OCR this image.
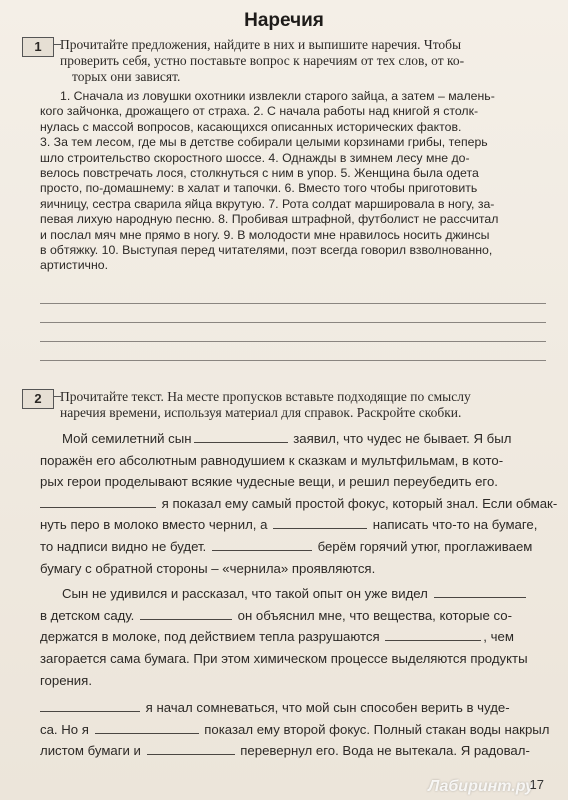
Наречия
1	Прочитайте предложения, найдите в них и выпишите наречия. Чтобы
проверить себя, устно поставьте вопрос к наречиям от тех слов, от ко-
торых они зависят.
1. Сначала из ловушки охотники извлекли старого зайца, а затем – малень-
кого зайчонка, дрожащего от страха. 2. С начала работы над книгой я столк-
нулась с массой вопросов, касающихся описанных исторических фактов.
3. За тем лесом, где мы в детстве собирали целыми корзинами грибы, теперь
шло строительство скоростного шоссе. 4. Однажды в зимнем лесу мне до-
велось повстречать лося, столкнуться с ним в упор. 5. Женщина была одета
просто, по-домашнему: в халат и тапочки. 6. Вместо того чтобы приготовить
яичницу, сестра сварила яйца вкрутую. 7. Рота солдат маршировала в ногу, за-
певая лихую народную песню. 8. Пробивая штрафной, футболист не рассчитал
и послал мяч мне прямо в ногу. 9. В молодости мне нравилось носить джинсы
в обтяжку. 10. Выступая перед читателями, поэт всегда говорил взволнованно,
артистично.
2	Прочитайте текст. На месте пропусков вставьте подходящие по смыслу
наречия времени, используя материал для справок. Раскройте скобки.
Мой семилетний сын	заявил, что чудес не бывает. Я был
поражён его абсолютным равнодушием к сказкам и мультфильмам, в кото-
рых герои проделывают всякие чудесные вещи, и решил переубедить его.
я показал ему самый простой фокус, который знал. Если обмак-
нуть перо в молоко вместо чернил, а	написать что-то на бумаге,
то надписи видно не будет.	берём горячий утюг, проглаживаем
бумагу с обратной стороны – «чернила» проявляются.
Сын не удивился и рассказал, что такой опыт он уже видел
в детском саду.	он объяснил мне, что вещества, которые со-
держатся в молоке, под действием тепла разрушаются	, чем
загорается сама бумага. При этом химическом процессе выделяются продукты
горения.
я начал сомневаться, что мой сын способен верить в чуде-
са. Но я	показал ему второй фокус. Полный стакан воды накрыл
листом бумаги и	перевернул его. Вода не вытекала. Я радовал-
Лабиринт.ру
17
